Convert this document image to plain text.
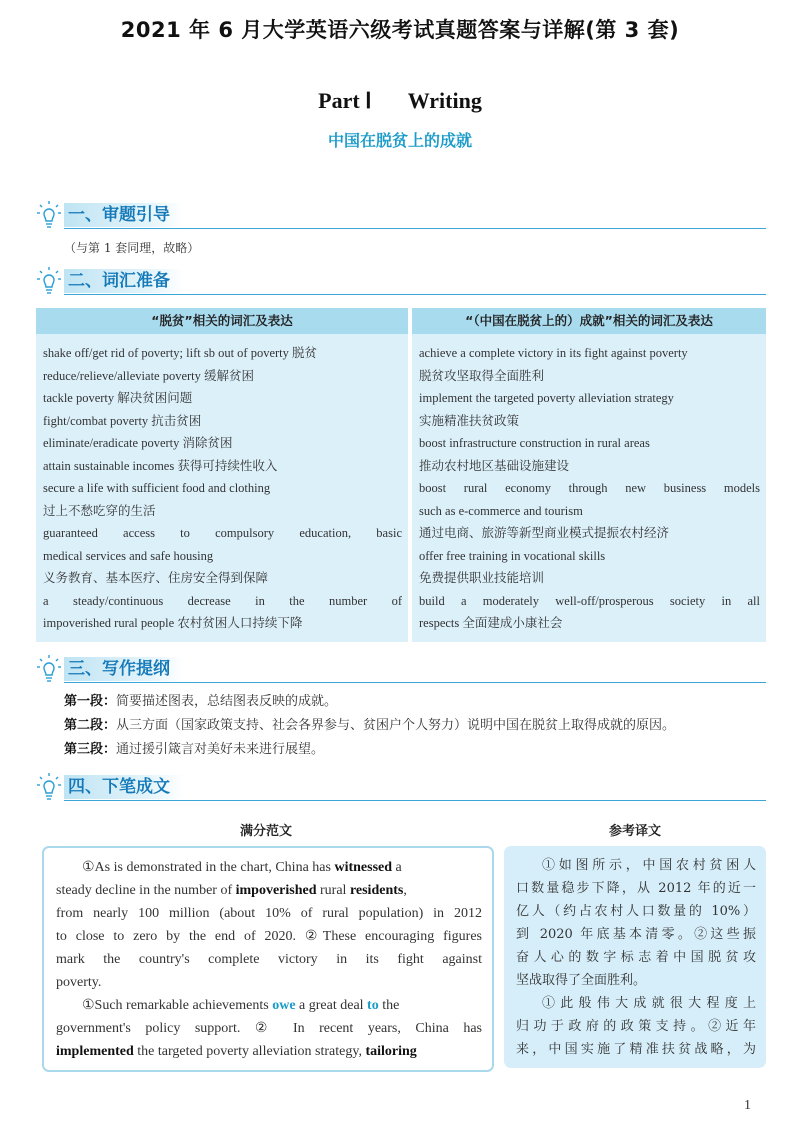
2021 年 6 月大学英语六级考试真题答案与详解(第 3 套)
Part Ⅰ Writing
中国在脱贫上的成就
一、审题引导
（与第 1 套同理，故略）
二、词汇准备
“脱贫”相关的词汇及表达
shake off/get rid of poverty; lift sb out of poverty 脱贫
reduce/relieve/alleviate poverty 缓解贫困
tackle poverty 解决贫困问题
fight/combat poverty 抗击贫困
eliminate/eradicate poverty 消除贫困
attain sustainable incomes 获得可持续性收入
secure a life with sufficient food and clothing
过上不愁吃穿的生活
guaranteed access to compulsory education, basic
medical services and safe housing
义务教育、基本医疗、住房安全得到保障
a steady/continuous decrease in the number of
impoverished rural people 农村贫困人口持续下降
“（中国在脱贫上的）成就”相关的词汇及表达
achieve a complete victory in its fight against poverty
脱贫攻坚取得全面胜利
implement the targeted poverty alleviation strategy
实施精准扶贫政策
boost infrastructure construction in rural areas
推动农村地区基础设施建设
boost rural economy through new business models
such as e-commerce and tourism
通过电商、旅游等新型商业模式提振农村经济
offer free training in vocational skills
免费提供职业技能培训
build a moderately well-off/prosperous society in all
respects 全面建成小康社会
三、写作提纲
第一段：简要描述图表，总结图表反映的成就。
第二段：从三方面（国家政策支持、社会各界参与、贫困户个人努力）说明中国在脱贫上取得成就的原因。
第三段：通过援引箴言对美好未来进行展望。
四、下笔成文
满分范文	参考译文
①As is demonstrated in the chart, China has witnessed a
steady decline in the number of impoverished rural residents,
from nearly 100 million (about 10% of rural population) in 2012
to close to zero by the end of 2020. ②These encouraging figures
mark the country's complete victory in its fight against
poverty.
①Such remarkable achievements owe a great deal to the
government's policy support. ② In recent years, China has
implemented the targeted poverty alleviation strategy, tailoring
①如图所示，中国农村贫困人
口数量稳步下降，从 2012 年的近一
亿人（约占农村人口数量的 10%）
到 2020 年底基本清零。②这些振
奋人心的数字标志着中国脱贫攻
坚战取得了全面胜利。
①此般伟大成就很大程度上
归功于政府的政策支持。②近年
来，中国实施了精准扶贫战略，为
1
